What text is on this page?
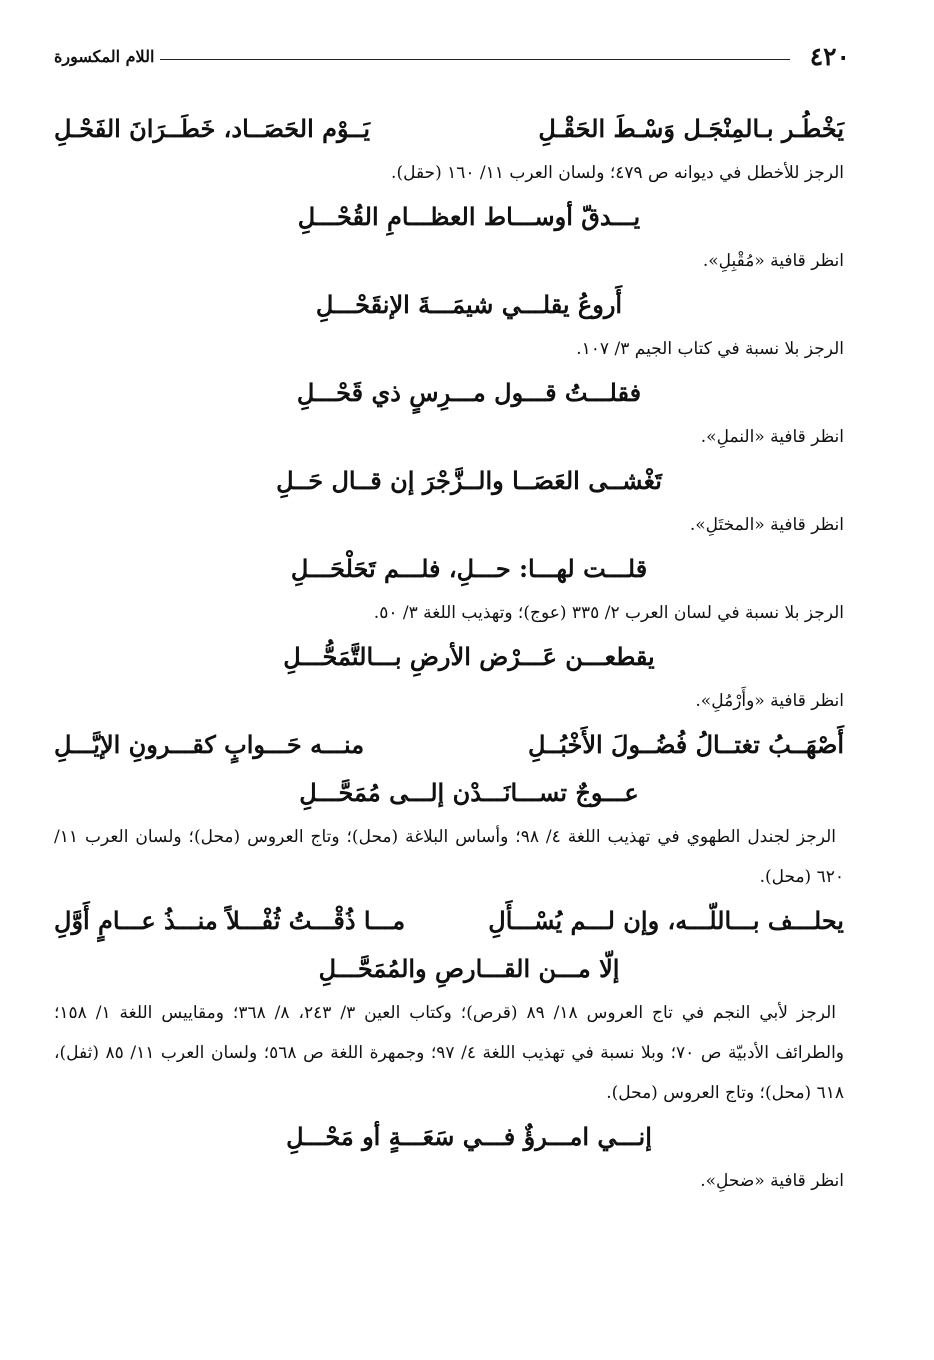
٤٢٠
اللام المكسورة
يَخْطُـر بـالمِنْجَـل وَسْـطَ الحَقْـلِ
يَــوْم الحَصَــاد، خَطَــرَانَ الفَحْـلِ
الرجز للأخطل في ديوانه ص ٤٧٩؛ ولسان العرب ١١/ ١٦٠ (حقل).
يـــدقّ أوســـاط العظـــامِ القُحْـــلِ
انظر قافية «مُقْبِلِ».
أَروعُ يقلـــي شيمَـــةَ الإنقَحْـــلِ
الرجز بلا نسبة في كتاب الجيم ٣/ ١٠٧.
فقلـــتُ قـــول مـــرِسٍ ذي قَحْـــلِ
انظر قافية «النملِ».
تَغْشــى العَصَــا والــزَّجْرَ إن قــال حَــلِ
انظر قافية «المختَلِ».
قلـــت لهـــا: حـــلِ، فلـــم تَحَلْحَـــلِ
الرجز بلا نسبة في لسان العرب ٢/ ٣٣٥ (عوج)؛ وتهذيب اللغة ٣/ ٥٠.
يقطعـــن عَـــرْض الأرضِ بـــالتَّمَحُّـــلِ
انظر قافية «وأَرْمُلِ».
أَصْهَــبُ تغتــالُ فُضُــولَ الأَخْبُــلِ
منـــه حَـــوابٍ كقـــرونِ الإيَّـــلِ
عـــوجٌ تســـانَـــدْن إلـــى مُمَحَّـــلِ
الرجز لجندل الطهوي في تهذيب اللغة ٤/ ٩٨؛ وأساس البلاغة (محل)؛ وتاج العروس (محل)؛ ولسان العرب ١١/ ٦٢٠ (محل).
يحلـــف بـــاللّـــه، وإن لـــم يُسْـــأَلِ
مـــا ذُقْـــتُ ثُفْـــلاً منـــذُ عـــامٍ أَوَّلِ
إلّا مـــن القـــارصِ والمُمَحَّـــلِ
الرجز لأبي النجم في تاج العروس ١٨/ ٨٩ (قرص)؛ وكتاب العين ٣/ ٢٤٣، ٨/ ٣٦٨؛ ومقاييس اللغة ١/ ١٥٨؛ والطرائف الأدبيّة ص ٧٠؛ وبلا نسبة في تهذيب اللغة ٤/ ٩٧؛ وجمهرة اللغة ص ٥٦٨؛ ولسان العرب ١١/ ٨٥ (ثفل)، ٦١٨ (محل)؛ وتاج العروس (محل).
إنـــي امـــرؤٌ فـــي سَعَـــةٍ أو مَحْـــلِ
انظر قافية «ضحلِ».
